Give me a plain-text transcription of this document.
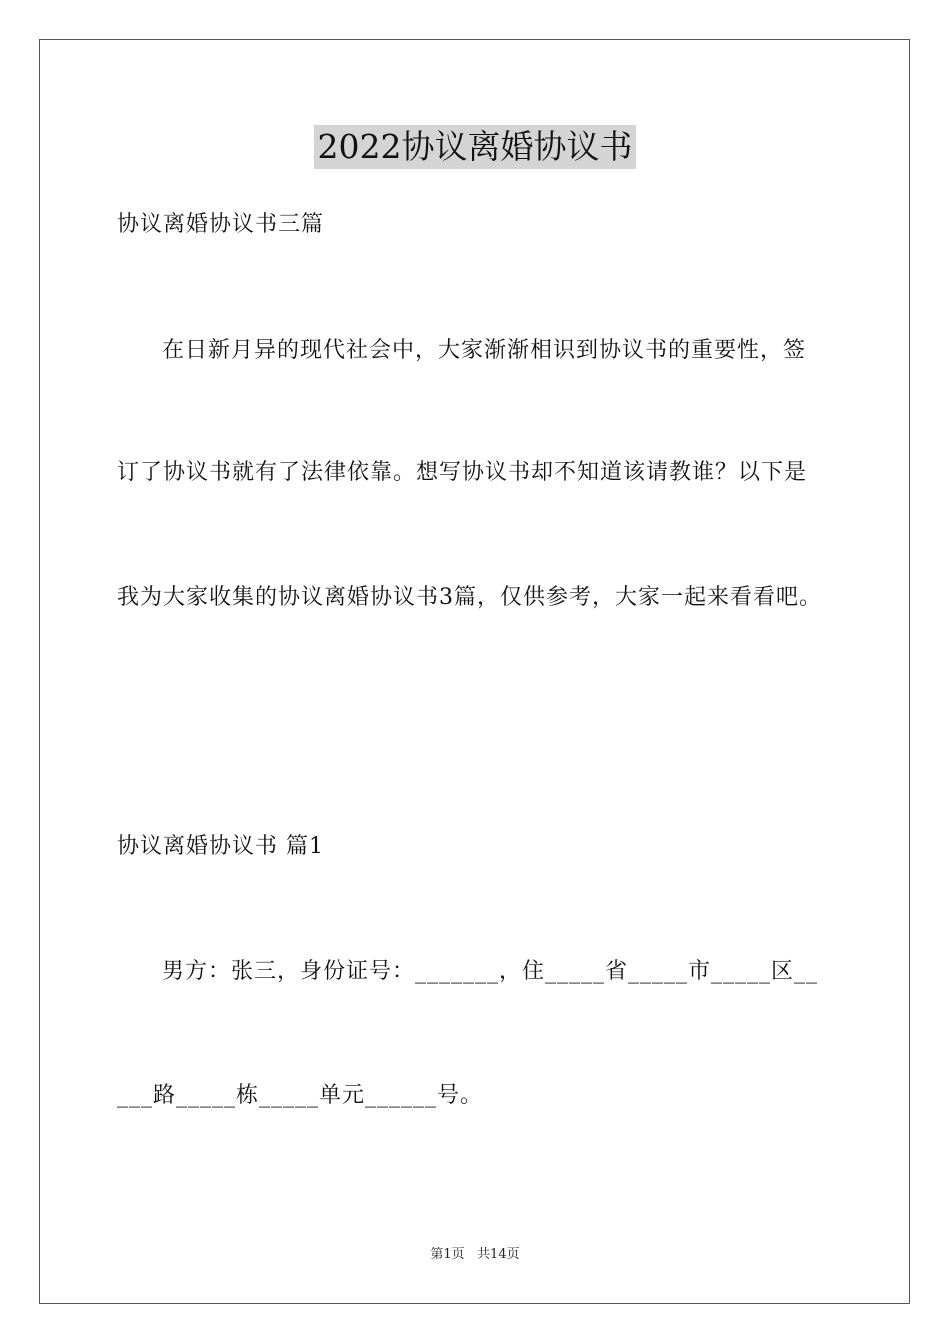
2022协议离婚协议书
协议离婚协议书三篇
在日新月异的现代社会中，大家渐渐相识到协议书的重要性，签
订了协议书就有了法律依靠。想写协议书却不知道该请教谁？以下是
我为大家收集的协议离婚协议书3篇，仅供参考，大家一起来看看吧。
协议离婚协议书 篇1
男方：张三，身份证号：_______，住_____省_____市_____区__
___路_____栋_____单元______号。
第1页   共14页
